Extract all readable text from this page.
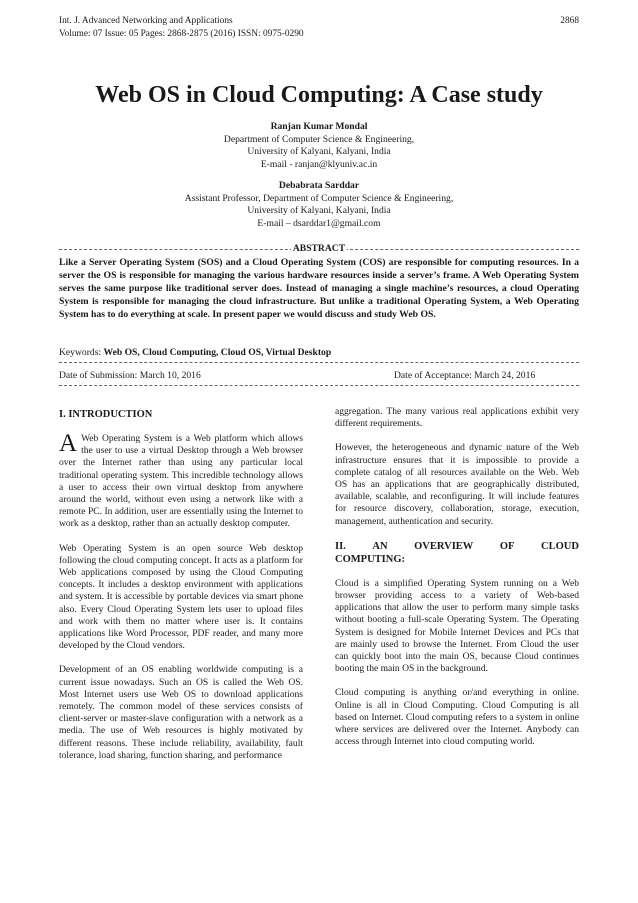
Int. J. Advanced Networking and Applications
Volume: 07 Issue: 05 Pages: 2868-2875 (2016) ISSN: 0975-0290
2868
Web OS in Cloud Computing: A Case study
Ranjan Kumar Mondal
Department of Computer Science & Engineering,
University of Kalyani, Kalyani, India
E-mail - ranjan@klyuniv.ac.in
Debabrata Sarddar
Assistant Professor, Department of Computer Science & Engineering,
University of Kalyani, Kalyani, India
E-mail – dsarddar1@gmail.com
ABSTRACT
Like a Server Operating System (SOS) and a Cloud Operating System (COS) are responsible for computing resources. In a server the OS is responsible for managing the various hardware resources inside a server’s frame. A Web Operating System serves the same purpose like traditional server does. Instead of managing a single machine’s resources, a cloud Operating System is responsible for managing the cloud infrastructure. But unlike a traditional Operating System, a Web Operating System has to do everything at scale. In present paper we would discuss and study Web OS.
Keywords: Web OS, Cloud Computing, Cloud OS, Virtual Desktop
Date of Submission: March 10, 2016	Date of Acceptance: March 24, 2016
I. INTRODUCTION

A Web Operating System is a Web platform which allows the user to use a virtual Desktop through a Web browser over the Internet rather than using any particular local traditional operating system. This incredible technology allows a user to access their own virtual desktop from anywhere around the world, without even using a network like with a remote PC. In addition, user are essentially using the Internet to work as a desktop, rather than an actually desktop computer.

Web Operating System is an open source Web desktop following the cloud computing concept. It acts as a platform for Web applications composed by using the Cloud Computing concepts. It includes a desktop environment with applications and system. It is accessible by portable devices via smart phone also. Every Cloud Operating System lets user to upload files and work with them no matter where user is. It contains applications like Word Processor, PDF reader, and many more developed by the Cloud vendors.

Development of an OS enabling worldwide computing is a current issue nowadays. Such an OS is called the Web OS. Most Internet users use Web OS to download applications remotely. The common model of these services consists of client-server or master-slave configuration with a network as a media. The use of Web resources is highly motivated by different reasons. These include reliability, availability, fault tolerance, load sharing, function sharing, and performance

aggregation. The many various real applications exhibit very different requirements.

However, the heterogeneous and dynamic nature of the Web infrastructure ensures that it is impossible to provide a complete catalog of all resources available on the Web. Web OS has an applications that are geographically distributed, available, scalable, and reconfiguring. It will include features for resource discovery, collaboration, storage, execution, management, authentication and security.

II.	AN	OVERVIEW	OF	CLOUD
COMPUTING:

Cloud is a simplified Operating System running on a Web browser providing access to a variety of Web-based applications that allow the user to perform many simple tasks without booting a full-scale Operating System. The Operating System is designed for Mobile Internet Devices and PCs that are mainly used to browse the Internet. From Cloud the user can quickly boot into the main OS, because Cloud continues booting the main OS in the background.

Cloud computing is anything or/and everything in online. Online is all in Cloud Computing. Cloud Computing is all based on Internet. Cloud computing refers to a system in online where services are delivered over the Internet. Anybody can access through Internet into cloud computing world.
